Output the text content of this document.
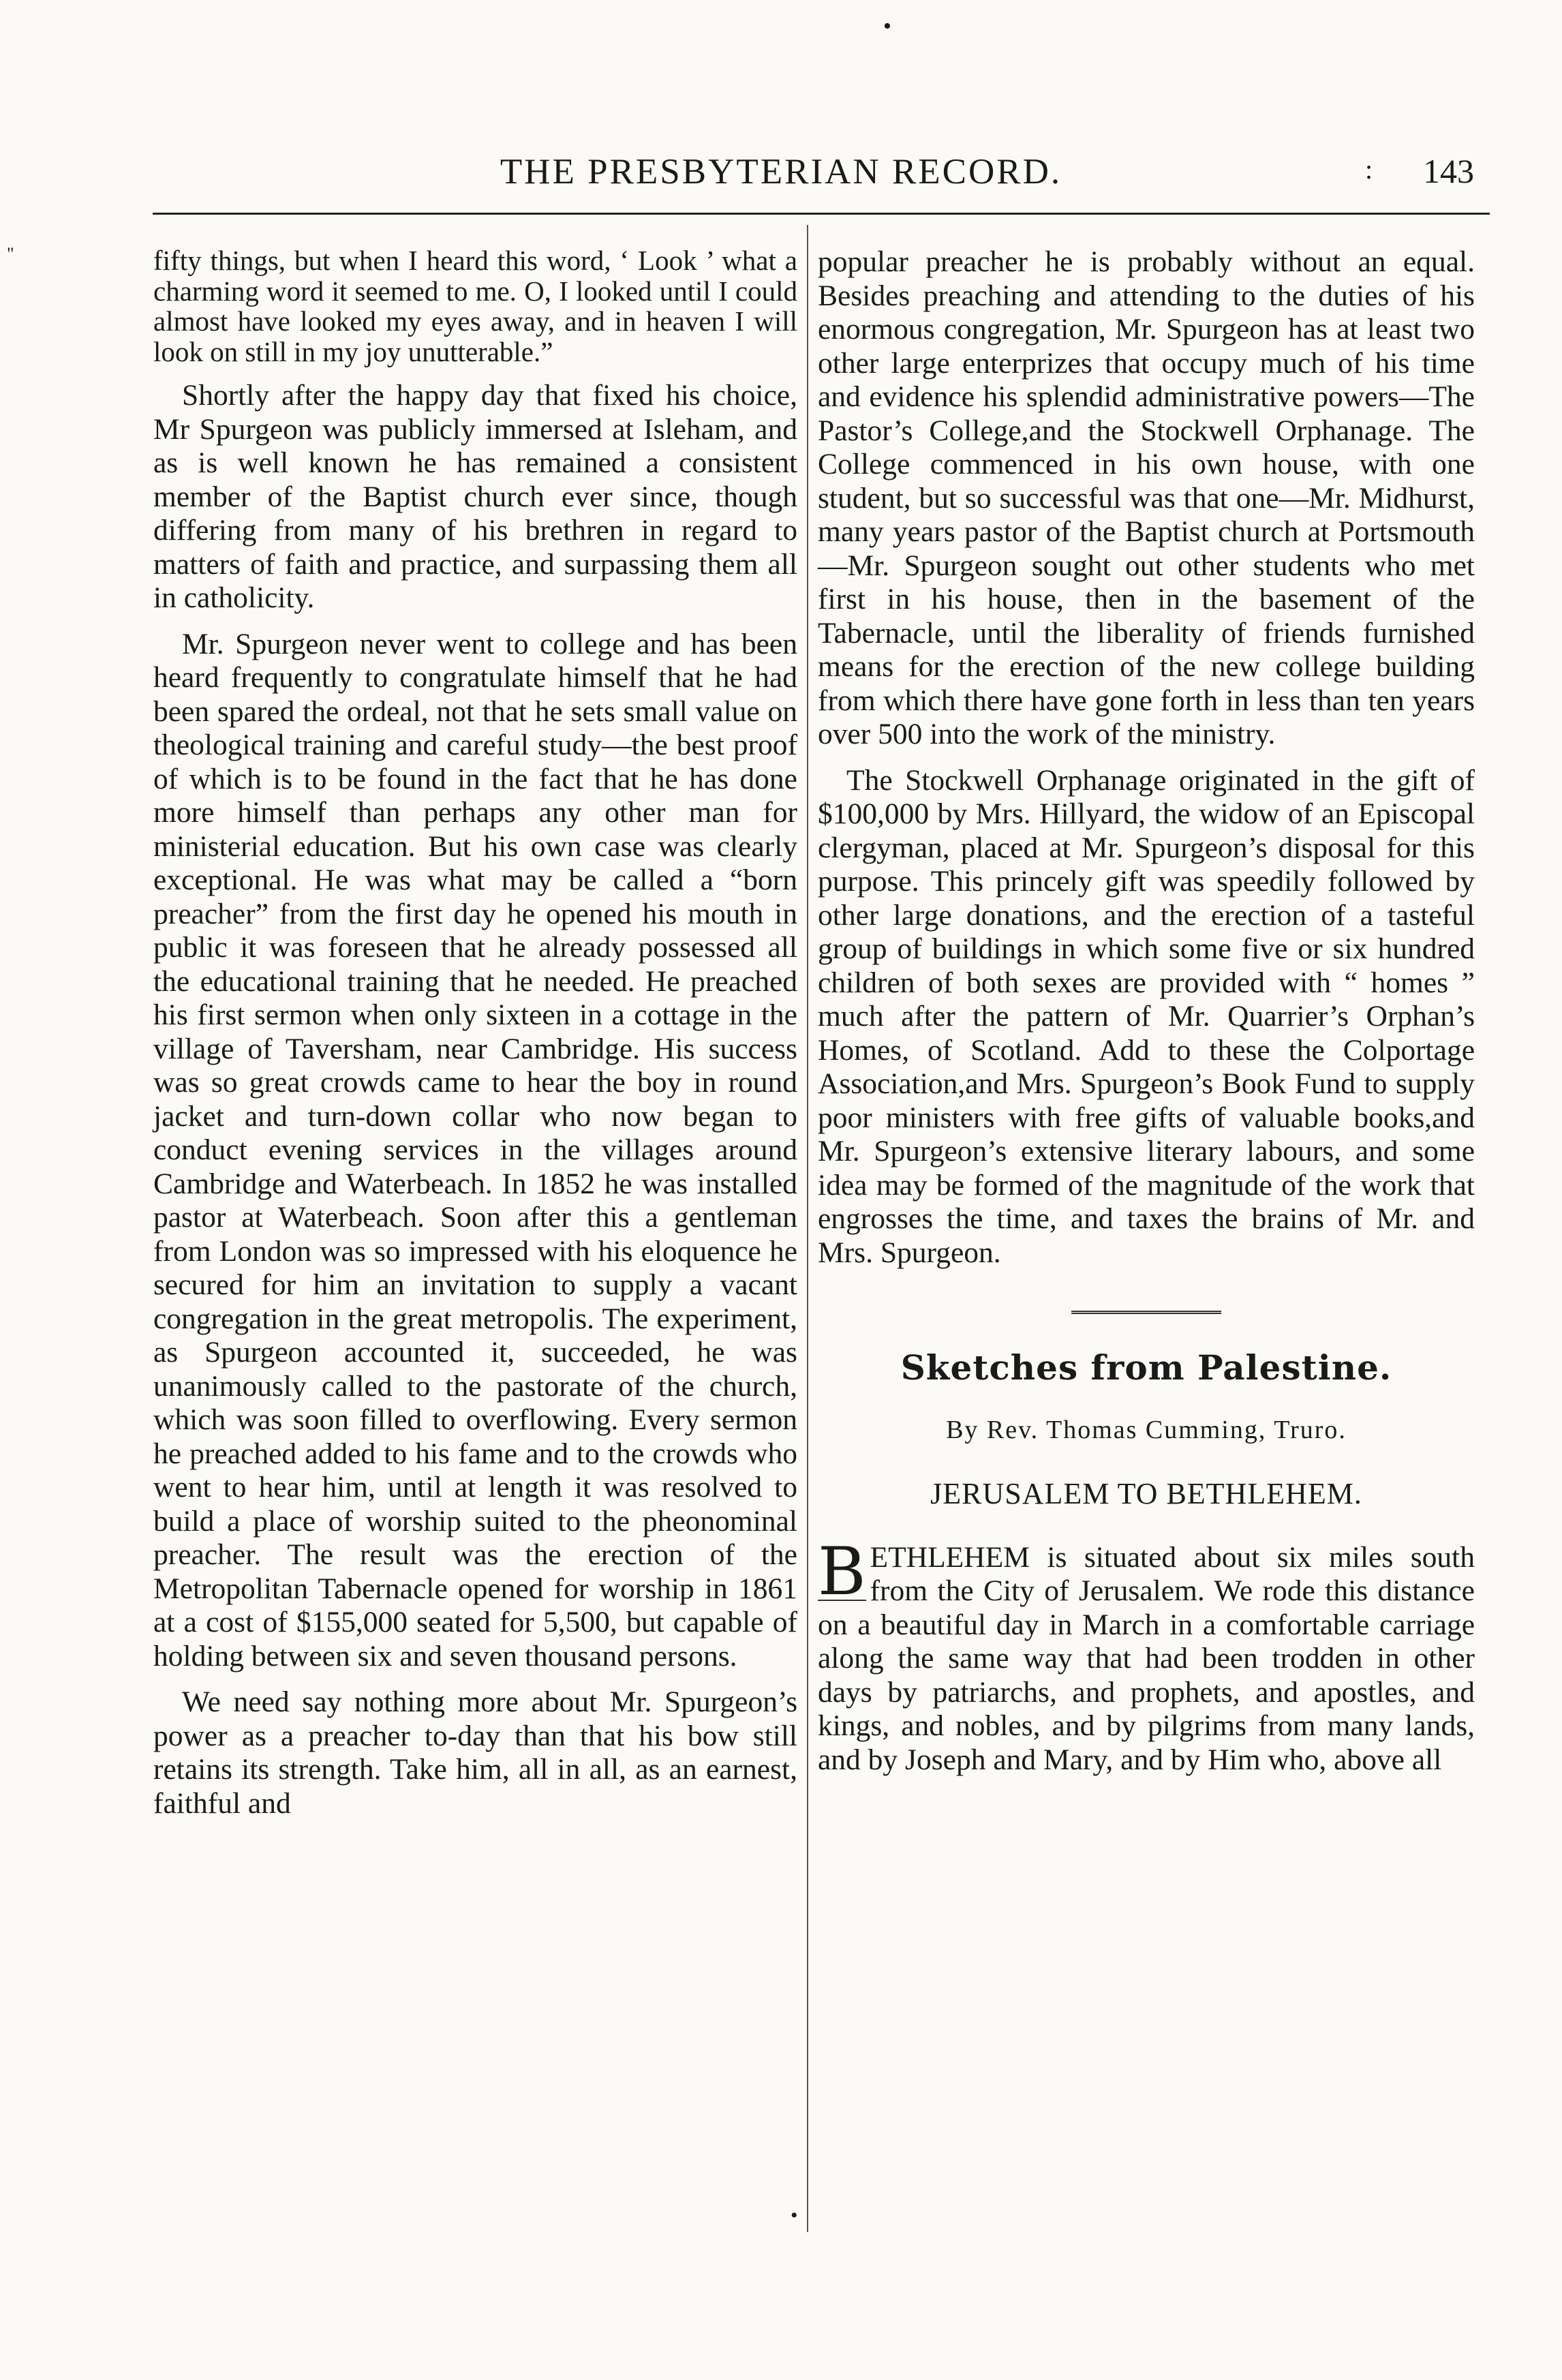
•
"
THE PRESBYTERIAN RECORD.	: 143

fifty things, but when I heard this word, ‘ Look ’ what a charming word it seemed to me. O, I looked until I could almost have looked my eyes away, and in heaven I will look on still in my joy unutterable.”

Shortly after the happy day that fixed his choice, Mr Spurgeon was publicly immersed at Isleham, and as is well known he has remained a consistent member of the Baptist church ever since, though differing from many of his brethren in regard to matters of faith and practice, and surpassing them all in catholicity.

Mr. Spurgeon never went to college and has been heard frequently to congratulate himself that he had been spared the ordeal, not that he sets small value on theological training and careful study—the best proof of which is to be found in the fact that he has done more himself than perhaps any other man for ministerial education. But his own case was clearly exceptional. He was what may be called a “born preacher” from the first day he opened his mouth in public it was foreseen that he already possessed all the educational training that he needed. He preached his first sermon when only sixteen in a cottage in the village of Taversham, near Cambridge. His success was so great crowds came to hear the boy in round jacket and turn-down collar who now began to conduct evening services in the villages around Cambridge and Waterbeach. In 1852 he was installed pastor at Waterbeach. Soon after this a gentleman from London was so impressed with his eloquence he secured for him an invitation to supply a vacant congregation in the great metropolis. The experiment, as Spurgeon accounted it, succeeded, he was unanimously called to the pastorate of the church, which was soon filled to overflowing. Every sermon he preached added to his fame and to the crowds who went to hear him, until at length it was resolved to build a place of worship suited to the pheonominal preacher. The result was the erection of the Metropolitan Tabernacle opened for worship in 1861 at a cost of $155,000 seated for 5,500, but capable of holding between six and seven thousand persons.

We need say nothing more about Mr. Spurgeon’s power as a preacher to-day than that his bow still retains its strength. Take him, all in all, as an earnest, faithful and

popular preacher he is probably without an equal. Besides preaching and attending to the duties of his enormous congregation, Mr. Spurgeon has at least two other large enterprizes that occupy much of his time and evidence his splendid administrative powers—The Pastor’s College,and the Stockwell Orphanage. The College commenced in his own house, with one student, but so successful was that one—Mr. Midhurst, many years pastor of the Baptist church at Portsmouth—Mr. Spurgeon sought out other students who met first in his house, then in the basement of the Tabernacle, until the liberality of friends furnished means for the erection of the new college building from which there have gone forth in less than ten years over 500 into the work of the ministry.

The Stockwell Orphanage originated in the gift of $100,000 by Mrs. Hillyard, the widow of an Episcopal clergyman, placed at Mr. Spurgeon’s disposal for this purpose. This princely gift was speedily followed by other large donations, and the erection of a tasteful group of buildings in which some five or six hundred children of both sexes are provided with “ homes ” much after the pattern of Mr. Quarrier’s Orphan’s Homes, of Scotland. Add to these the Colportage Association,and Mrs. Spurgeon’s Book Fund to supply poor ministers with free gifts of valuable books,and Mr. Spurgeon’s extensive literary labours, and some idea may be formed of the magnitude of the work that engrosses the time, and taxes the brains of Mr. and Mrs. Spurgeon.

Sketches from Palestine.

By Rev. Thomas Cumming, Truro.

JERUSALEM TO BETHLEHEM.

B ETHLEHEM is situated about six miles south from the City of Jerusalem. We rode this distance on a beautiful day in March in a comfortable carriage along the same way that had been trodden in other days by patriarchs, and prophets, and apostles, and kings, and nobles, and by pilgrims from many lands, and by Joseph and Mary, and by Him who, above all

•
